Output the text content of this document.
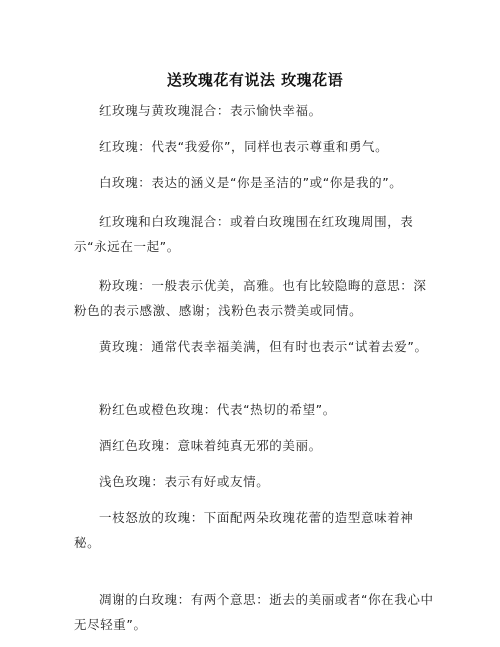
送玫瑰花有说法 玫瑰花语

红玫瑰与黄玫瑰混合：表示愉快幸福。

红玫瑰：代表“我爱你”，同样也表示尊重和勇气。

白玫瑰：表达的涵义是“你是圣洁的”或“你是我的”。

红玫瑰和白玫瑰混合：或着白玫瑰围在红玫瑰周围，表示“永远在一起”。

粉玫瑰：一般表示优美，高雅。也有比较隐晦的意思：深粉色的表示感激、感谢；浅粉色表示赞美或同情。

黄玫瑰：通常代表幸福美满，但有时也表示“试着去爱”。

粉红色或橙色玫瑰：代表“热切的希望”。

酒红色玫瑰：意味着纯真无邪的美丽。

浅色玫瑰：表示有好或友情。

一枝怒放的玫瑰：下面配两朵玫瑰花蕾的造型意味着神秘。

凋谢的白玫瑰：有两个意思：逝去的美丽或者“你在我心中无尽轻重”。
